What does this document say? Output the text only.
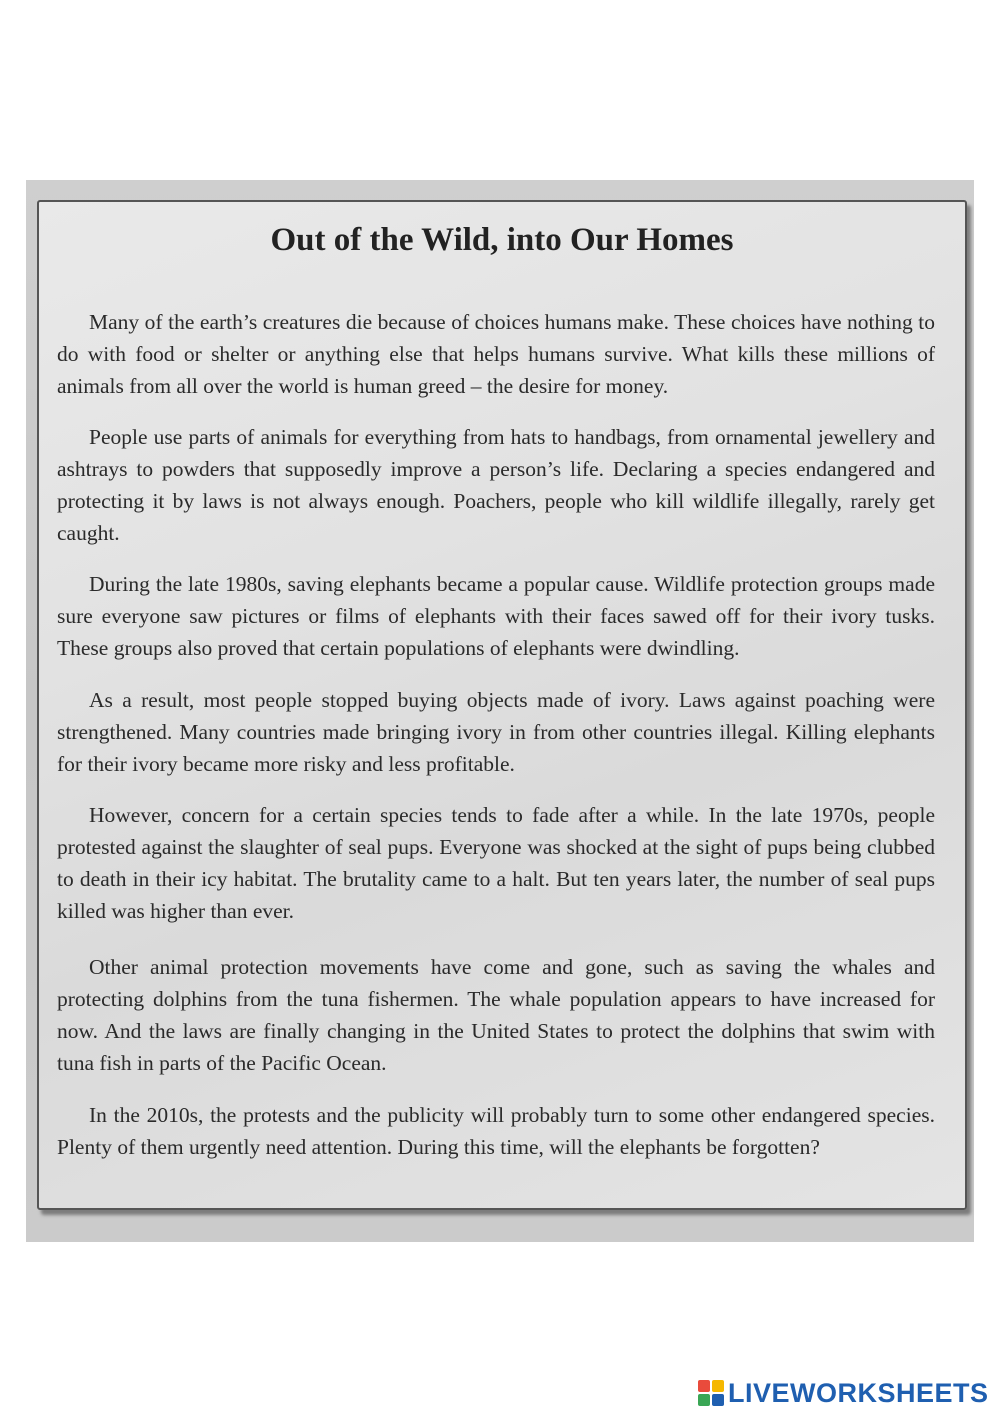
Out of the Wild, into Our Homes

Many of the earth’s creatures die because of choices humans make. These choices have nothing to do with food or shelter or anything else that helps humans survive. What kills these millions of animals from all over the world is human greed – the desire for money.

People use parts of animals for everything from hats to handbags, from ornamental jewellery and ashtrays to powders that supposedly improve a person’s life. Declaring a species endangered and protecting it by laws is not always enough. Poachers, people who kill wildlife illegally, rarely get caught.

During the late 1980s, saving elephants became a popular cause. Wildlife protection groups made sure everyone saw pictures or films of elephants with their faces sawed off for their ivory tusks. These groups also proved that certain populations of elephants were dwindling.

As a result, most people stopped buying objects made of ivory. Laws against poaching were strengthened. Many countries made bringing ivory in from other countries illegal. Killing elephants for their ivory became more risky and less profitable.

However, concern for a certain species tends to fade after a while. In the late 1970s, people protested against the slaughter of seal pups. Everyone was shocked at the sight of pups being clubbed to death in their icy habitat. The brutality came to a halt. But ten years later, the number of seal pups killed was higher than ever.

Other animal protection movements have come and gone, such as saving the whales and protecting dolphins from the tuna fishermen. The whale population appears to have increased for now. And the laws are finally changing in the United States to protect the dolphins that swim with tuna fish in parts of the Pacific Ocean.

In the 2010s, the protests and the publicity will probably turn to some other endangered species. Plenty of them urgently need attention. During this time, will the elephants be forgotten?

LIVEWORKSHEETS
